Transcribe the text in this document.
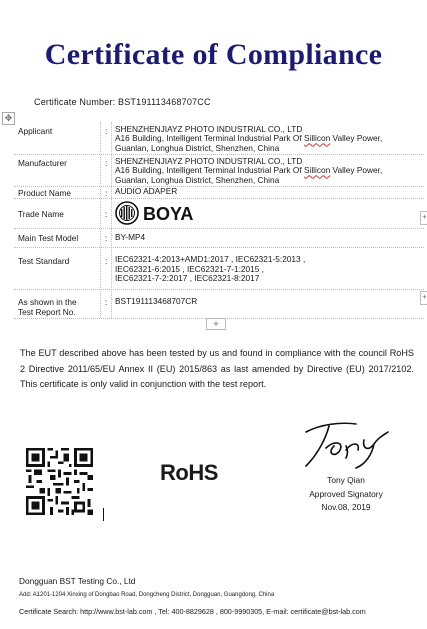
Certificate of Compliance
Certificate Number: BST191113468707CC
✥
Applicant	: SHENZHENJIAYZ PHOTO INDUSTRIAL CO., LTD
A16 Building, Intelligent Terminal Industrial Park Of Sillicon Valley Power,
Guanlan, Longhua District, Shenzhen, China
Manufacturer	: SHENZHENJIAYZ PHOTO INDUSTRIAL CO., LTD
A16 Building, Intelligent Terminal Industrial Park Of Sillicon Valley Power,
Guanlan, Longhua District, Shenzhen, China
Product Name	: AUDIO ADAPER
Trade Name	: BOYA
Main Test Model	: BY-MP4
Test Standard	: IEC62321-4:2013+AMD1:2017 , IEC62321-5:2013 ,
IEC62321-6:2015 , IEC62321-7-1:2015 ,
IEC62321-7-2:2017 , IEC62321-8:2017
As shown in the
Test Report No.
: BST191113468707CR
+
+
+
The EUT described above has been tested by us and found in compliance with the council RoHS 2 Directive 2011/65/EU Annex II (EU) 2015/863 as last amended by Directive (EU) 2017/2102. This certificate is only valid in conjunction with the test report.
RoHS	Tony Qian
Approved Signatory
Nov.08, 2019
Dongguan BST Testing Co., Ltd
Add: A1201-1204 Xinxing of Dongbao Road, Dongcheng District, Dongguan, Guangdong, China
Certificate Search: http://www.bst-lab.com , Tel: 400-8829628 , 800-9990305, E-mail: certificate@bst-lab.com
